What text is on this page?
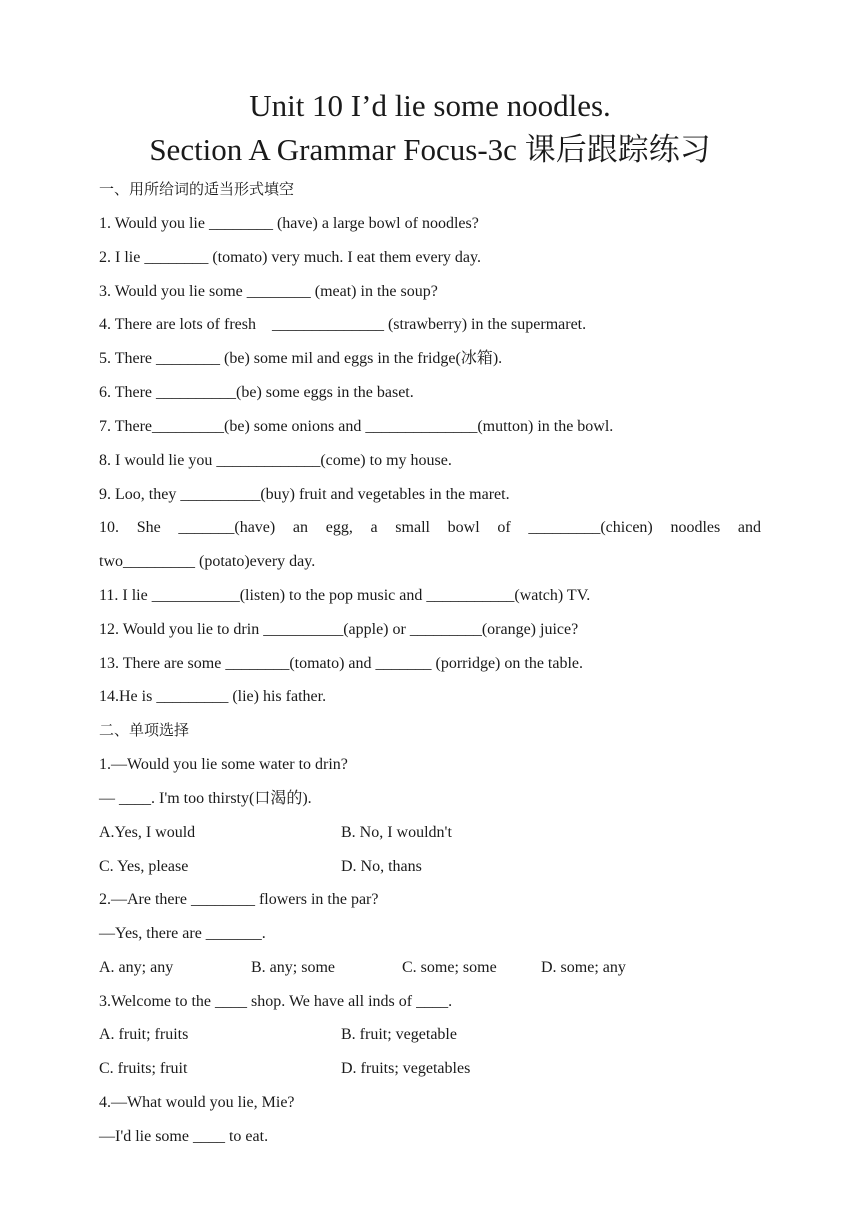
Unit 10 I’d lie some noodles.
Section A Grammar Focus-3c 课后跟踪练习
一、用所给词的适当形式填空
1. Would you lie ________ (have) a large bowl of noodles?
2. I lie ________ (tomato) very much. I eat them every day.
3. Would you lie some ________ (meat) in the soup?
4. There are lots of fresh    ______________ (strawberry) in the supermaret.
5. There ________ (be) some mil and eggs in the fridge(冰箱).
6. There __________(be) some eggs in the baset.
7. There_________(be) some onions and ______________(mutton) in the bowl.
8. I would lie you _____________(come) to my house.
9. Loo, they __________(buy) fruit and vegetables in the maret.
10. She _______(have) an egg, a small bowl of _________(chicen) noodles and
two_________ (potato)every day.
11. I lie ___________(listen) to the pop music and ___________(watch) TV.
12. Would you lie to drin __________(apple) or _________(orange) juice?
13. There are some ________(tomato) and _______ (porridge) on the table.
14.He is _________ (lie) his father.
二、单项选择
1.—Would you lie some water to drin?
— ____. I'm too thirsty(口渴的).
A.Yes, I would	B. No, I wouldn't
C. Yes, please	D. No, thans
2.—Are there ________ flowers in the par?
—Yes, there are _______.
A. any; any	B. any; some	C. some; some	D. some; any
3.Welcome to the ____ shop. We have all inds of ____.
A. fruit; fruits	B. fruit; vegetable
C. fruits; fruit	D. fruits; vegetables
4.—What would you lie, Mie?
—I'd lie some ____ to eat.
